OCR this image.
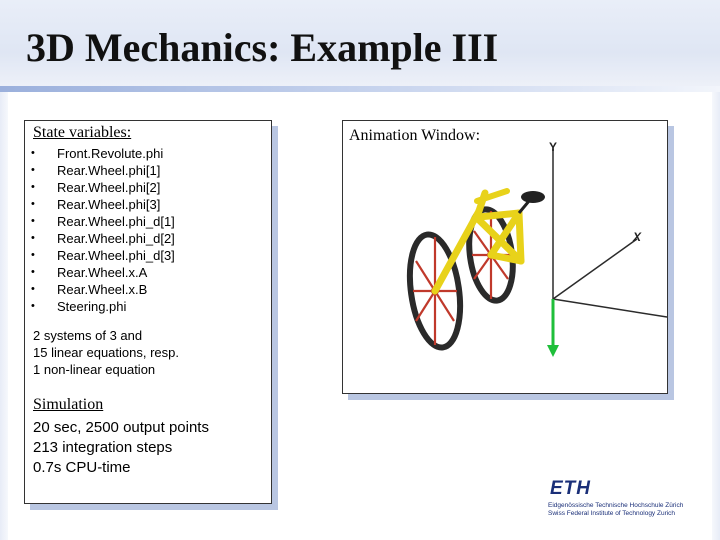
3D Mechanics: Example III
State variables:
• Front.Revolute.phi
• Rear.Wheel.phi[1]
• Rear.Wheel.phi[2]
• Rear.Wheel.phi[3]
• Rear.Wheel.phi_d[1]
• Rear.Wheel.phi_d[2]
• Rear.Wheel.phi_d[3]
• Rear.Wheel.x.A
• Rear.Wheel.x.B
• Steering.phi
2 systems of 3 and
15 linear equations, resp.
1 non-linear equation
Simulation
20 sec, 2500 output points
213 integration steps
0.7s CPU-time
Y
X
Animation Window:
ETH
Eidgenössische Technische Hochschule Zürich
Swiss Federal Institute of Technology Zurich
